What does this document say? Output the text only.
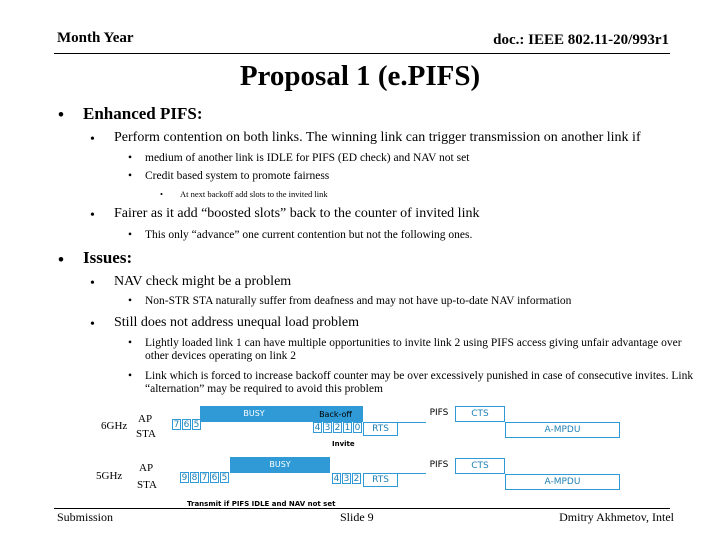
Month Year	doc.: IEEE 802.11-20/993r1
Proposal 1 (e.PIFS)
• Enhanced PIFS:
• Perform contention on both links. The winning link can trigger transmission on another link if
• medium of another link is IDLE for PIFS (ED check) and NAV not set
• Credit based system to promote fairness
• At next backoff add slots to the invited link
• Fairer as it add “boosted slots” back to the counter of invited link
• This only “advance” one current contention but not the following ones.
• Issues:
• NAV check might be a problem
• Non-STR STA naturally suffer from deafness and may not have up-to-date NAV information
• Still does not address unequal load problem
• Lightly loaded link 1 can have multiple opportunities to invite link 2 using PIFS access giving unfair advantage over other devices operating on link 2
• Link which is forced to increase backoff counter may be over excessively punished in case of consecutive invites. Link “alternation” may be required to avoid this problem
6GHz
AP
STA
7 6 5
BUSY	Back-off
4 3 2 1 0	RTS
PIFS	CTS
A-MPDU
Invite
5GHz
AP
STA
9 8 7 6 5
BUSY
4 3 2	RTS
PIFS	CTS
A-MPDU
Transmit if PIFS IDLE and NAV not set
Submission	Slide 9	Dmitry Akhmetov, Intel
